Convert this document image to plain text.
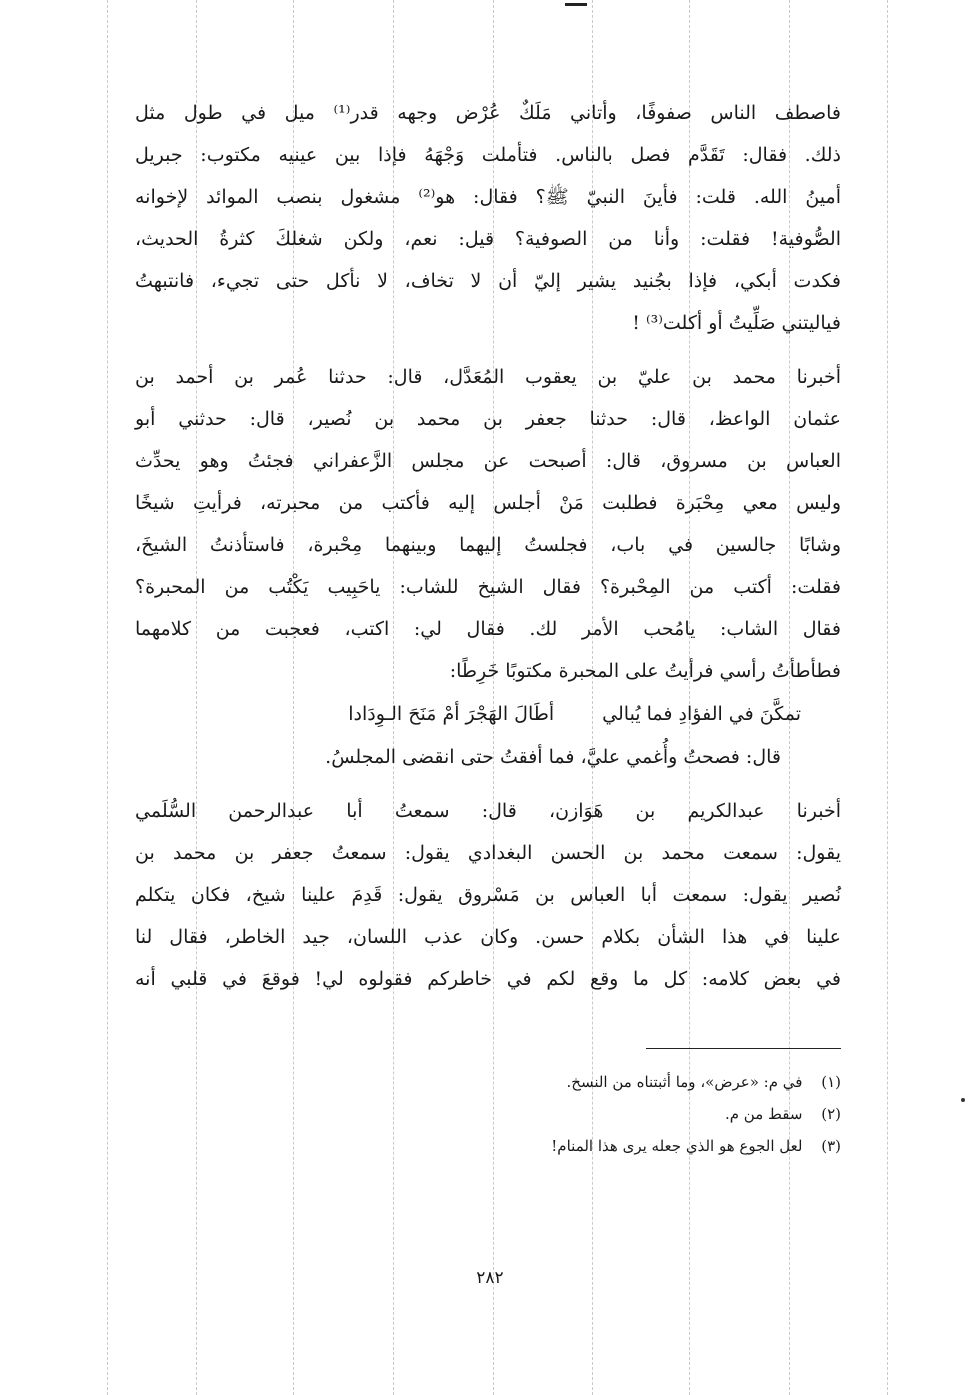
فاصطف الناس صفوفًا، وأتاني مَلَكٌ عُرْض وجهه قدر⁽¹⁾ ميل في طول مثل
ذلك. فقال: تَقَدَّم فصل بالناس. فتأملت وَجْهَهُ فإذا بين عينيه مكتوب: جبريل
أمينُ الله. قلت: فأينَ النبيّ ﷺ؟ فقال: هو⁽²⁾ مشغول بنصب الموائد لإخوانه
الصُّوفية! فقلت: وأنا من الصوفية؟ قيل: نعم، ولكن شغلكَ كثرةُ الحديث،
فكدت أبكي، فإذا بجُنيد يشير إليّ أن لا تخاف، لا نأكل حتى تجيء، فانتبهتُ
فياليتني صَلِّيتُ أو أكلت⁽³⁾ !
أخبرنا محمد بن عليّ بن يعقوب المُعَدَّل، قال: حدثنا عُمر بن أحمد بن
عثمان الواعظ، قال: حدثنا جعفر بن محمد بن نُصير، قال: حدثني أبو
العباس بن مسروق، قال: أصبحت عن مجلس الزَّعفراني فجئتُ وهو يحدِّث
وليس معي مِحْبَرة فطلبت مَنْ أجلس إليه فأكتب من محبرته، فرأيتِ شيخًا
وشابًا جالسين في باب، فجلستُ إليهما وبينهما مِحْبرة، فاستأذنتُ الشيخَ،
فقلت: أكتب من المِحْبرة؟ فقال الشيخ للشاب: ياحَبِيب يَكْتُب من المحبرة؟
فقال الشاب: يامُحب الأمر لك. فقال لي: اكتب، فعجبت من كلامهما
فطأطأتُ رأسي فرأيتُ على المحبرة مكتوبًا خَرِطًا:
تمكَّنَ في الفؤادِ فما يُبالي
أطَالَ الهَجْرَ أمْ مَنَحَ الـوِدَادا
قال: فصحتُ وأُغمي عليَّ، فما أفقتُ حتى انقضى المجلسُ.
أخبرنا عبدالكريم بن هَوَازن، قال: سمعتُ أبا عبدالرحمن السُّلَمي
يقول: سمعت محمد بن الحسن البغدادي يقول: سمعتُ جعفر بن محمد بن
نُصير يقول: سمعت أبا العباس بن مَسْروق يقول: قَدِمَ علينا شيخ، فكان يتكلم
علينا في هذا الشأن بكلام حسن. وكان عذب اللسان، جيد الخاطر، فقال لنا
في بعض كلامه: كل ما وقع لكم في خاطركم فقولوه لي! فوقعَ في قلبي أنه
(١) في م: «عرض»، وما أثبتناه من النسخ.
(٢) سقط من م.
(٣) لعل الجوع هو الذي جعله يرى هذا المنام!
٢٨٢
